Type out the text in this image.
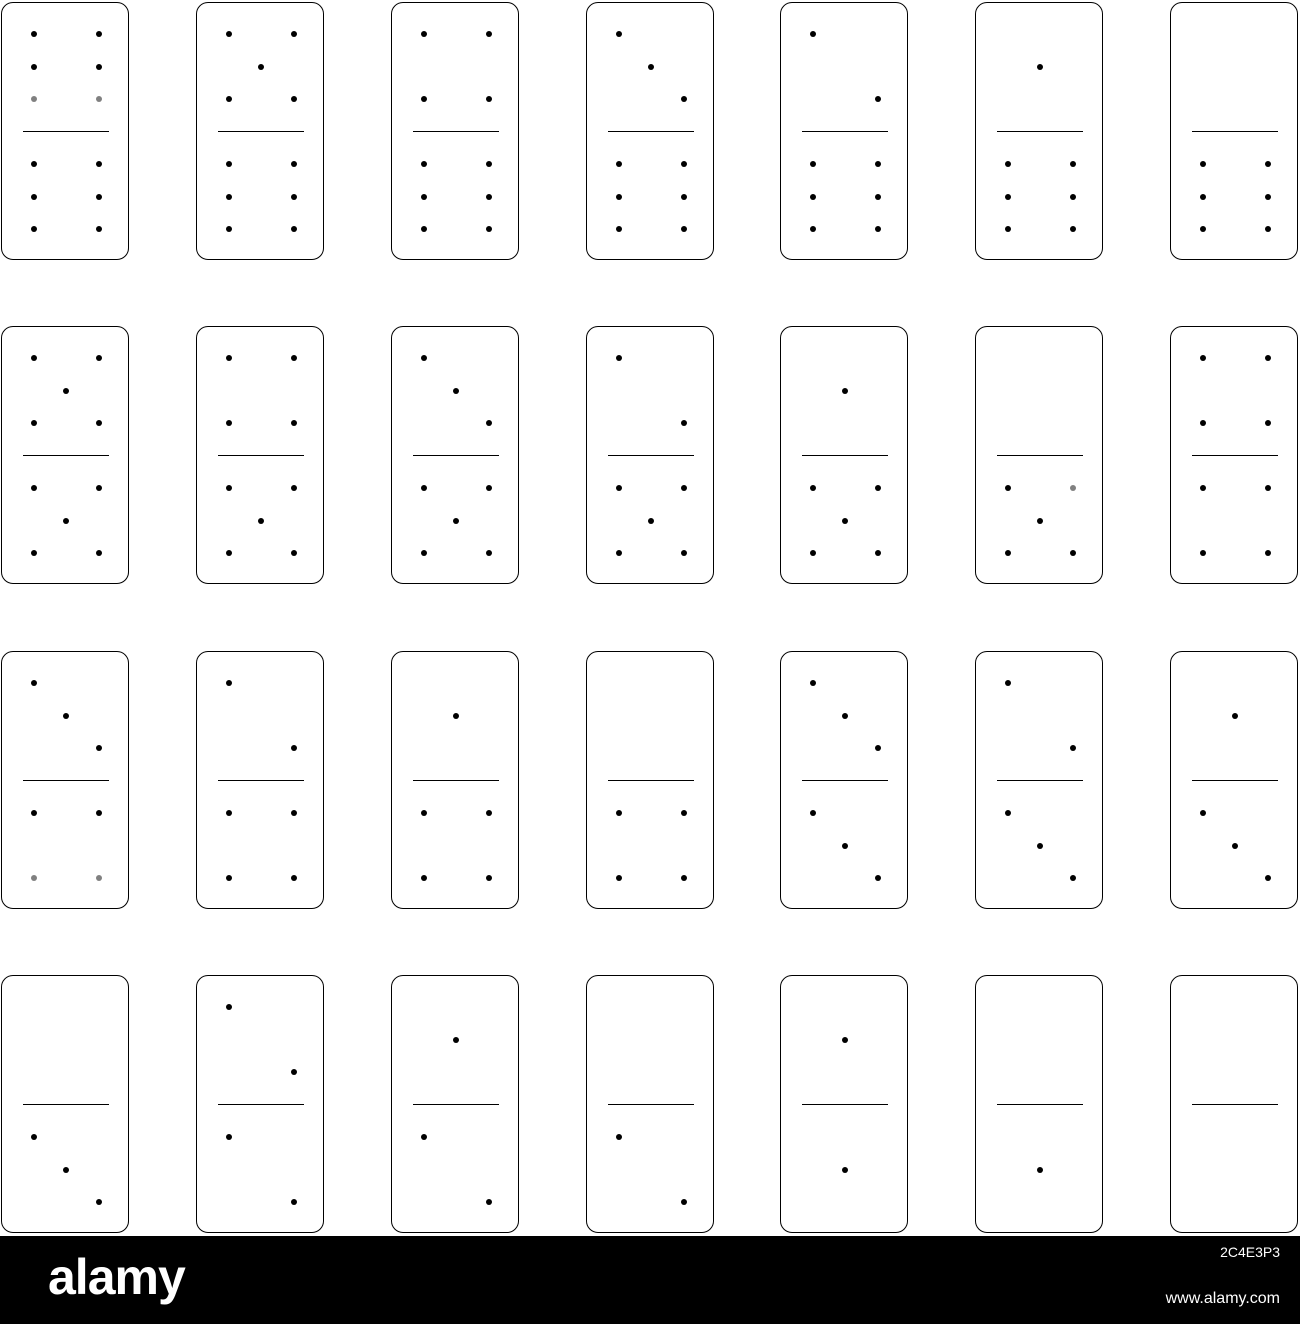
alamy	2C4E3P3
www.alamy.com
